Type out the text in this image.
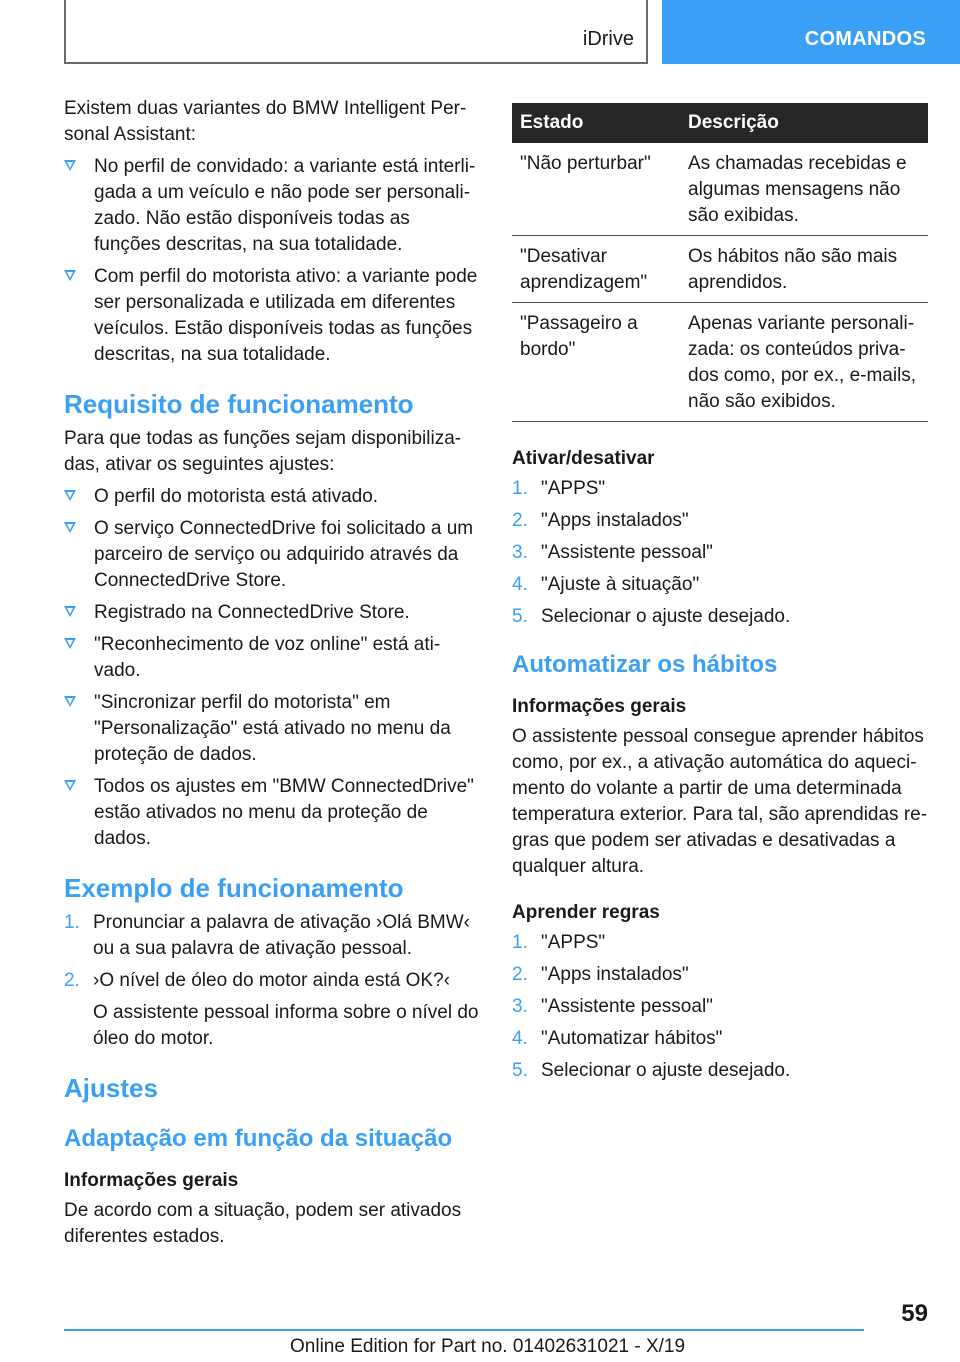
iDrive	COMANDOS

Existem duas variantes do BMW Intelligent Personal Assistant:

No perfil de convidado: a variante está interligada a um veículo e não pode ser personalizado. Não estão disponíveis todas as funções descritas, na sua totalidade.
Com perfil do motorista ativo: a variante pode ser personalizada e utilizada em diferentes veículos. Estão disponíveis todas as funções descritas, na sua totalidade.
Requisito de funcionamento

Para que todas as funções sejam disponibilizadas, ativar os seguintes ajustes:

O perfil do motorista está ativado.
O serviço ConnectedDrive foi solicitado a um parceiro de serviço ou adquirido através da ConnectedDrive Store.
Registrado na ConnectedDrive Store.
"Reconhecimento de voz online" está ativado.
"Sincronizar perfil do motorista" em "Personalização" está ativado no menu da proteção de dados.
Todos os ajustes em "BMW ConnectedDrive" estão ativados no menu da proteção de dados.
Exemplo de funcionamento
1. Pronunciar a palavra de ativação ›Olá BMW‹ ou a sua palavra de ativação pessoal.
2. ›O nível de óleo do motor ainda está OK?‹
O assistente pessoal informa sobre o nível do óleo do motor.
Ajustes
Adaptação em função da situação
Informações gerais

De acordo com a situação, podem ser ativados diferentes estados.

Estado	Descrição
"Não perturbar"	As chamadas recebidas e algumas mensagens não são exibidas.
"Desativar aprendizagem"	Os hábitos não são mais aprendidos.
"Passageiro a bordo"	Apenas variante personalizada: os conteúdos privados como, por ex., e-mails, não são exibidos.
Ativar/desativar
1. "APPS"
2. "Apps instalados"
3. "Assistente pessoal"
4. "Ajuste à situação"
5. Selecionar o ajuste desejado.
Automatizar os hábitos
Informações gerais

O assistente pessoal consegue aprender hábitos como, por ex., a ativação automática do aquecimento do volante a partir de uma determinada temperatura exterior. Para tal, são aprendidas regras que podem ser ativadas e desativadas a qualquer altura.

Aprender regras
1. "APPS"
2. "Apps instalados"
3. "Assistente pessoal"
4. "Automatizar hábitos"
5. Selecionar o ajuste desejado.
59
Online Edition for Part no. 01402631021 - X/19
